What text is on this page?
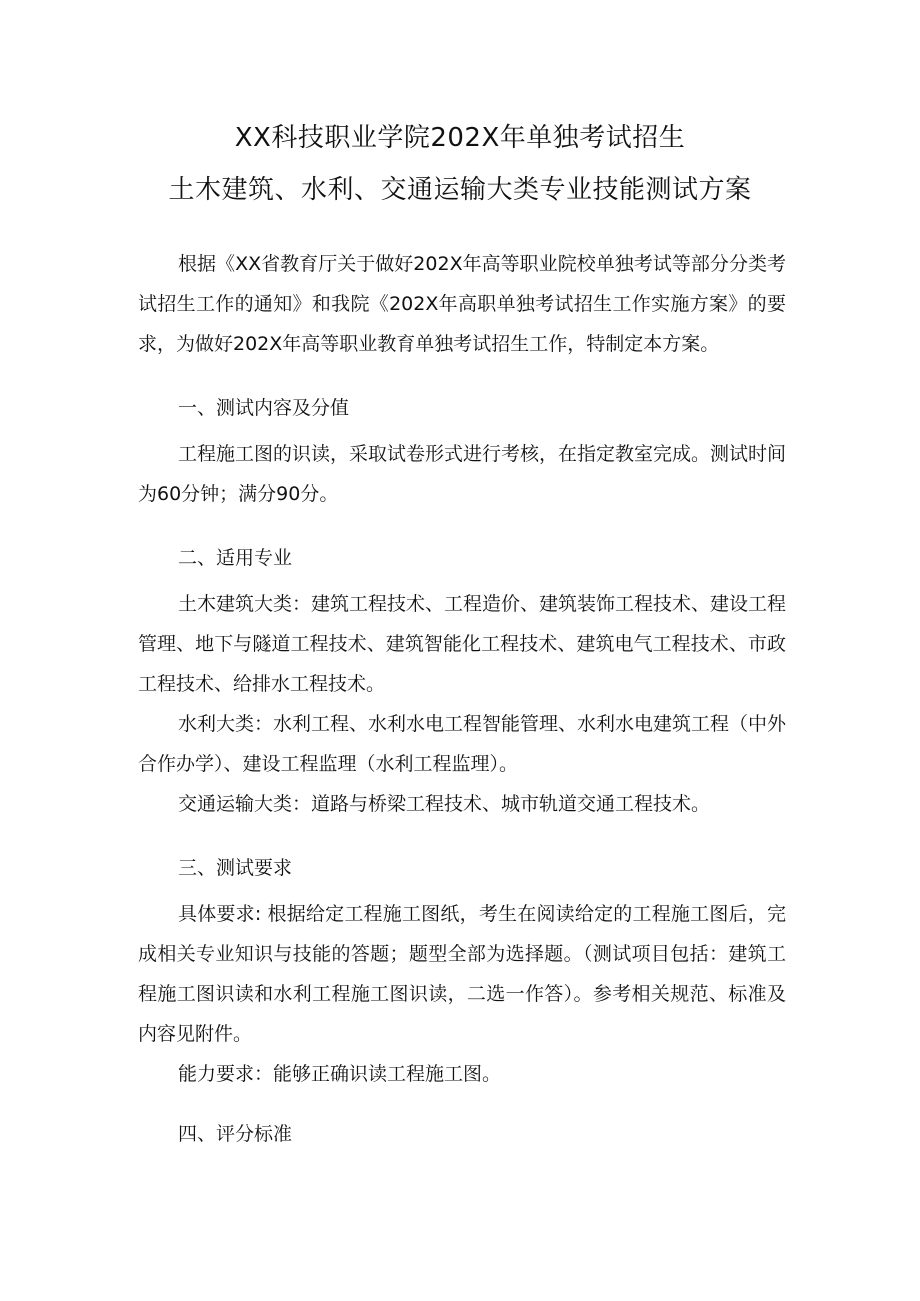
XX科技职业学院202X年单独考试招生
土木建筑、水利、交通运输大类专业技能测试方案

根据《XX省教育厅关于做好202X年高等职业院校单独考试等部分分类考试招生工作的通知》和我院《202X年高职单独考试招生工作实施方案》的要求，为做好202X年高等职业教育单独考试招生工作，特制定本方案。

一、测试内容及分值

工程施工图的识读，采取试卷形式进行考核，在指定教室完成。测试时间为60分钟；满分90分。

二、适用专业

土木建筑大类：建筑工程技术、工程造价、建筑装饰工程技术、建设工程管理、地下与隧道工程技术、建筑智能化工程技术、建筑电气工程技术、市政工程技术、给排水工程技术。

水利大类：水利工程、水利水电工程智能管理、水利水电建筑工程（中外合作办学）、建设工程监理（水利工程监理）。

交通运输大类：道路与桥梁工程技术、城市轨道交通工程技术。

三、测试要求

具体要求: 根据给定工程施工图纸，考生在阅读给定的工程施工图后，完成相关专业知识与技能的答题；题型全部为选择题。（测试项目包括：建筑工程施工图识读和水利工程施工图识读，二选一作答）。参考相关规范、标准及内容见附件。

能力要求：能够正确识读工程施工图。

四、评分标准
